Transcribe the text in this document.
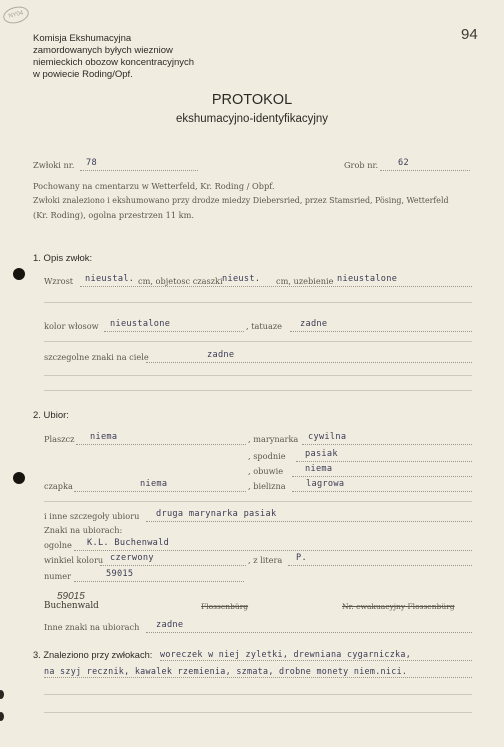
NY04
94
Komisja Ekshumacyjna
zamordowanych byłych wiezniow
niemieckich obozow koncentracyjnych
w powiecie Roding/Opf.
PROTOKOL
ekshumacyjno-identyfikacyjny
Zwłoki nr. 78	Grob nr. 62
Pochowany na cmentarzu w Wetterfeld, Kr. Roding / Obpf.
Zwłoki znaleziono i ekshumowano przy drodze miedzy Diebersried, przez Stamsried, Pösing, Wetterfeld
(Kr. Roding), ogolna przestrzen 11 km.
1. Opis zwłok:
Wzrost nieustal. cm, objetosc czaszki nieust. cm, uzebienie nieustalone
kolor włosow nieustalone	, tatuaze zadne
szczegolne znaki na ciele	zadne
2. Ubior:
Plaszcz niema	, marynarka cywilna
, spodnie pasiak
, obuwie	niema
czapka	niema	, bielizna lagrowa
i inne szczegoły ubioru druga marynarka pasiak
Znaki na ubiorach:
ogolne K.L. Buchenwald
winkiel koloru czerwony	, z litera P.
numer	59015
59015
Buchenwald	Flossenbürg	Nr. ewakuacyjny Flossenbürg
Inne znaki na ubiorach zadne
3. Znaleziono przy zwłokach: woreczek w niej zyletki, drewniana cygarniczka,
na szyj recznik, kawalek rzemienia, szmata, drobne monety niem.nici.
